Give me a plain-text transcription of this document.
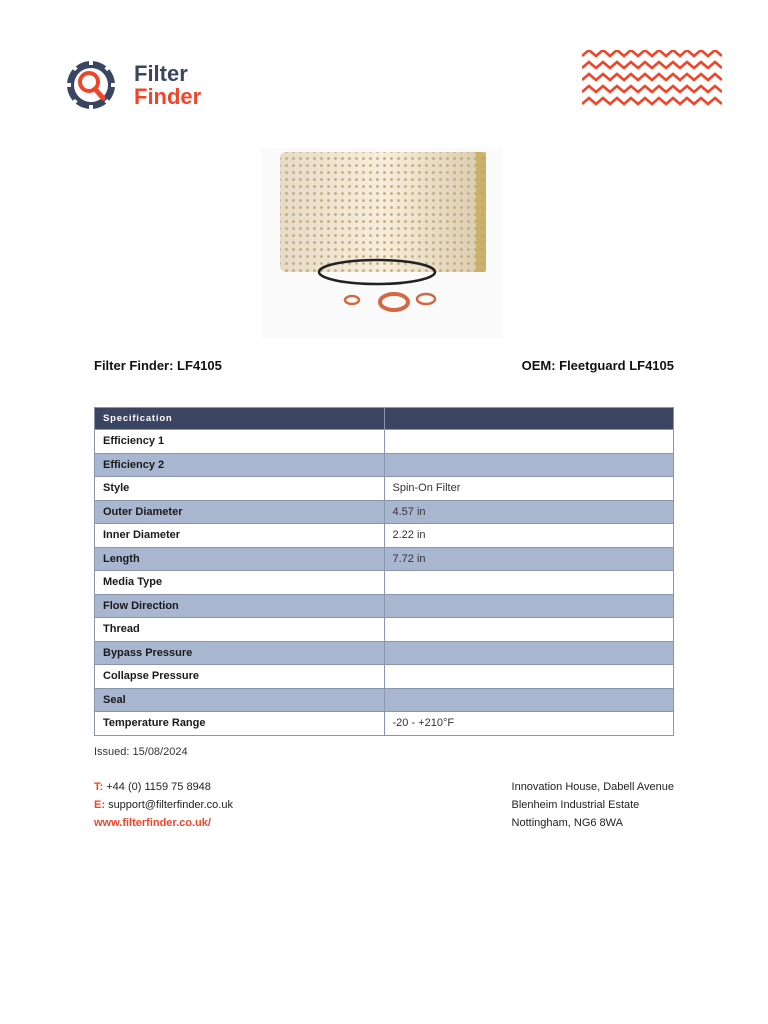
Filter
Finder
Filter Finder: LF4105	OEM: Fleetguard LF4105
Specification	
Efficiency 1	
Efficiency 2	
Style	Spin-On Filter
Outer Diameter	4.57 in
Inner Diameter	2.22 in
Length	7.72 in
Media Type	
Flow Direction	
Thread	
Bypass Pressure	
Collapse Pressure	
Seal	
Temperature Range	-20 - +210°F
Issued: 15/08/2024
T: +44 (0) 1159 75 8948
E: support@filterfinder.co.uk
www.filterfinder.co.uk/
Innovation House, Dabell Avenue
Blenheim Industrial Estate
Nottingham, NG6 8WA
